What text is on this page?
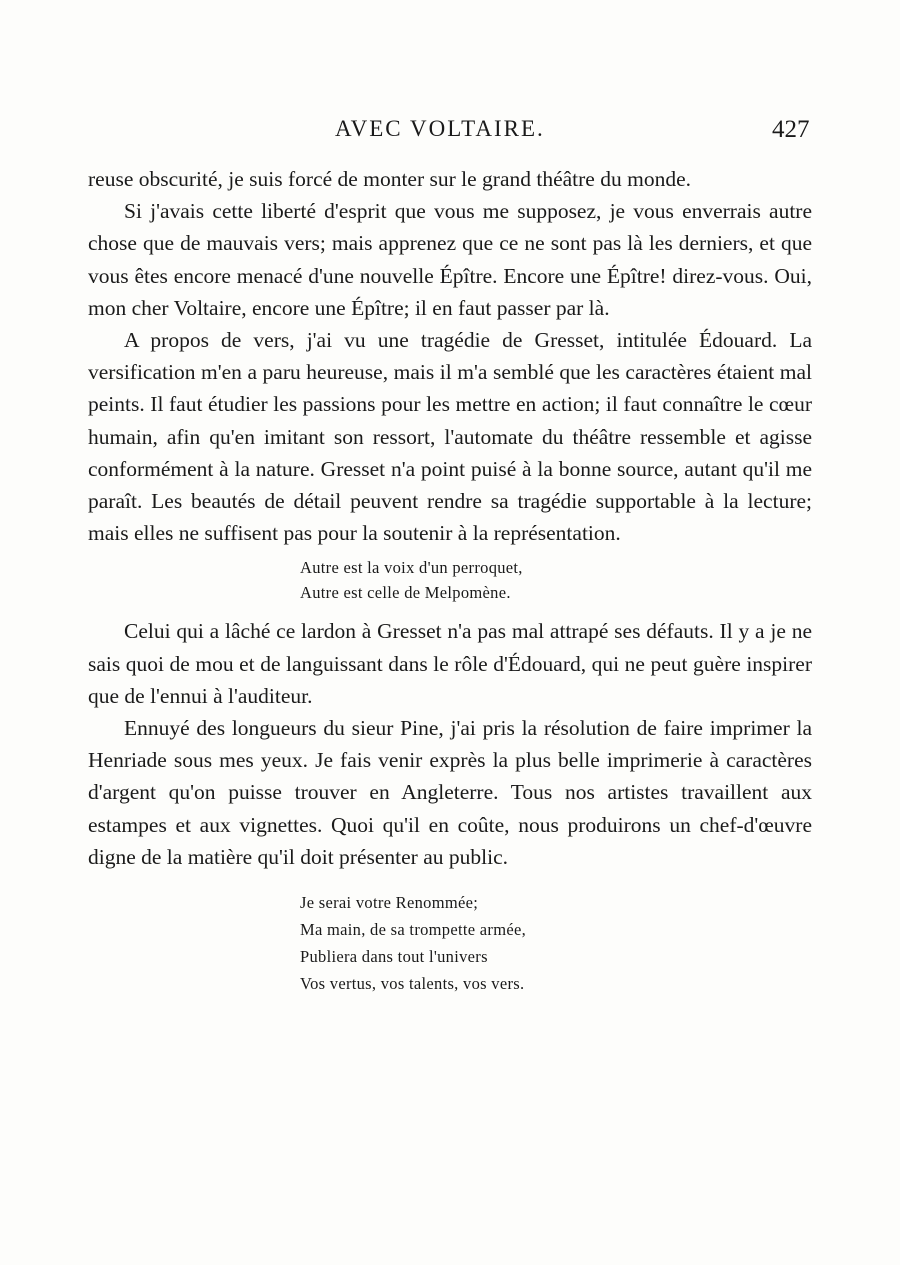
AVEC VOLTAIRE.	427

reuse obscurité, je suis forcé de monter sur le grand théâtre du monde.

Si j'avais cette liberté d'esprit que vous me supposez, je vous enverrais autre chose que de mauvais vers; mais apprenez que ce ne sont pas là les derniers, et que vous êtes encore menacé d'une nouvelle Épître. Encore une Épître! direz-vous. Oui, mon cher Voltaire, encore une Épître; il en faut passer par là.

A propos de vers, j'ai vu une tragédie de Gresset, intitulée Édouard. La versification m'en a paru heureuse, mais il m'a semblé que les caractères étaient mal peints. Il faut étudier les passions pour les mettre en action; il faut connaître le cœur humain, afin qu'en imitant son ressort, l'automate du théâtre ressemble et agisse conformément à la nature. Gresset n'a point puisé à la bonne source, autant qu'il me paraît. Les beautés de détail peuvent rendre sa tragédie supportable à la lecture; mais elles ne suffisent pas pour la soutenir à la représentation.

Autre est la voix d'un perroquet,
Autre est celle de Melpomène.

Celui qui a lâché ce lardon à Gresset n'a pas mal attrapé ses défauts. Il y a je ne sais quoi de mou et de languissant dans le rôle d'Édouard, qui ne peut guère inspirer que de l'ennui à l'auditeur.

Ennuyé des longueurs du sieur Pine, j'ai pris la résolution de faire imprimer la Henriade sous mes yeux. Je fais venir exprès la plus belle imprimerie à caractères d'argent qu'on puisse trouver en Angleterre. Tous nos artistes travaillent aux estampes et aux vignettes. Quoi qu'il en coûte, nous produirons un chef-d'œuvre digne de la matière qu'il doit présenter au public.

Je serai votre Renommée;
Ma main, de sa trompette armée,
Publiera dans tout l'univers
Vos vertus, vos talents, vos vers.
